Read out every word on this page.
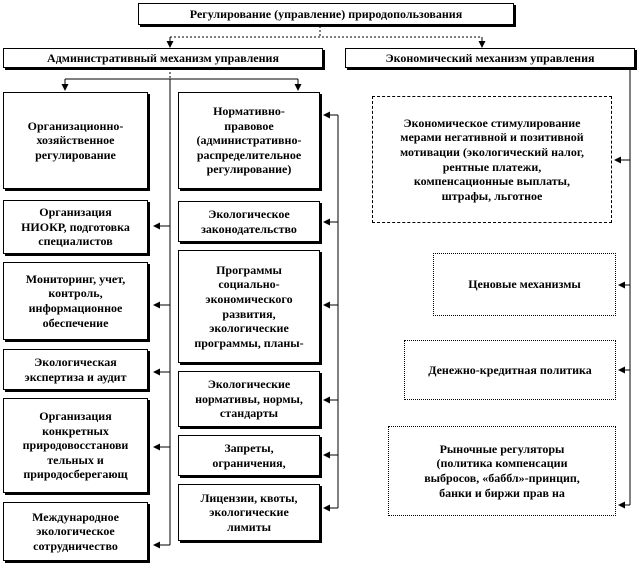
Регулирование (управление) природопользования
Административный механизм управления	Экономический механизм управления
Организационно-
хозяйственное
регулирование
Организация
НИОКР, подготовка
специалистов
Мониторинг, учет,
контроль,
информационное
обеспечение
Экологическая
экспертиза и аудит
Организация
конкретных
природовосстанови
тельных и
природосберегающ
Международное
экологическое
сотрудничество
Нормативно-
правовое
(административно-
распределительное
регулирование)
Экологическое
законодательство
Программы
социально-
экономического
развития,
экологические
программы, планы-
Экологические
нормативы, нормы,
стандарты
Запреты,
ограничения,
Лицензии, квоты,
экологические
лимиты
Экономическое стимулирование
мерами негативной и позитивной
мотивации (экологический налог,
рентные платежи,
компенсационные выплаты,
штрафы, льготное
Ценовые механизмы
Денежно-кредитная политика
Рыночные регуляторы
(политика компенсации
выбросов, «баббл»-принцип,
банки и биржи прав на
